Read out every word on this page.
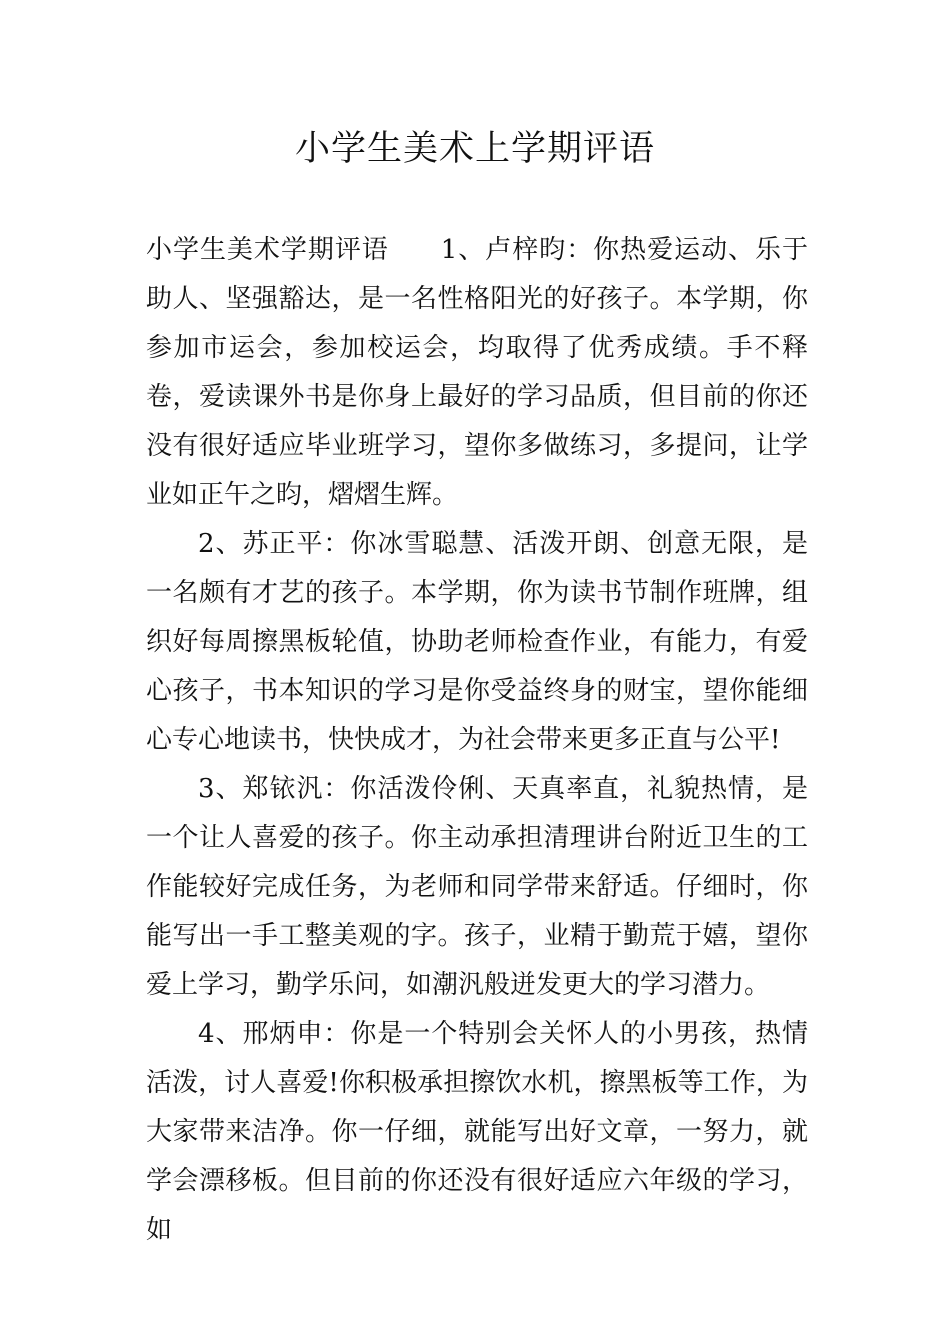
小学生美术上学期评语

小学生美术学期评语 1、卢梓昀：你热爱运动、乐于助人、坚强豁达，是一名性格阳光的好孩子。本学期，你参加市运会，参加校运会，均取得了优秀成绩。手不释卷，爱读课外书是你身上最好的学习品质，但目前的你还没有很好适应毕业班学习，望你多做练习，多提问，让学业如正午之昀，熠熠生辉。

2、苏正平：你冰雪聪慧、活泼开朗、创意无限，是一名颇有才艺的孩子。本学期，你为读书节制作班牌，组织好每周擦黑板轮值，协助老师检查作业，有能力，有爱心孩子，书本知识的学习是你受益终身的财宝，望你能细心专心地读书，快快成才，为社会带来更多正直与公平!

3、郑铱汎：你活泼伶俐、天真率直，礼貌热情，是一个让人喜爱的孩子。你主动承担清理讲台附近卫生的工作能较好完成任务，为老师和同学带来舒适。仔细时，你能写出一手工整美观的字。孩子，业精于勤荒于嬉，望你爱上学习，勤学乐问，如潮汎般迸发更大的学习潜力。

4、邢炳申：你是一个特别会关怀人的小男孩，热情活泼，讨人喜爱!你积极承担擦饮水机，擦黑板等工作，为大家带来洁净。你一仔细，就能写出好文章，一努力，就学会漂移板。但目前的你还没有很好适应六年级的学习，如
